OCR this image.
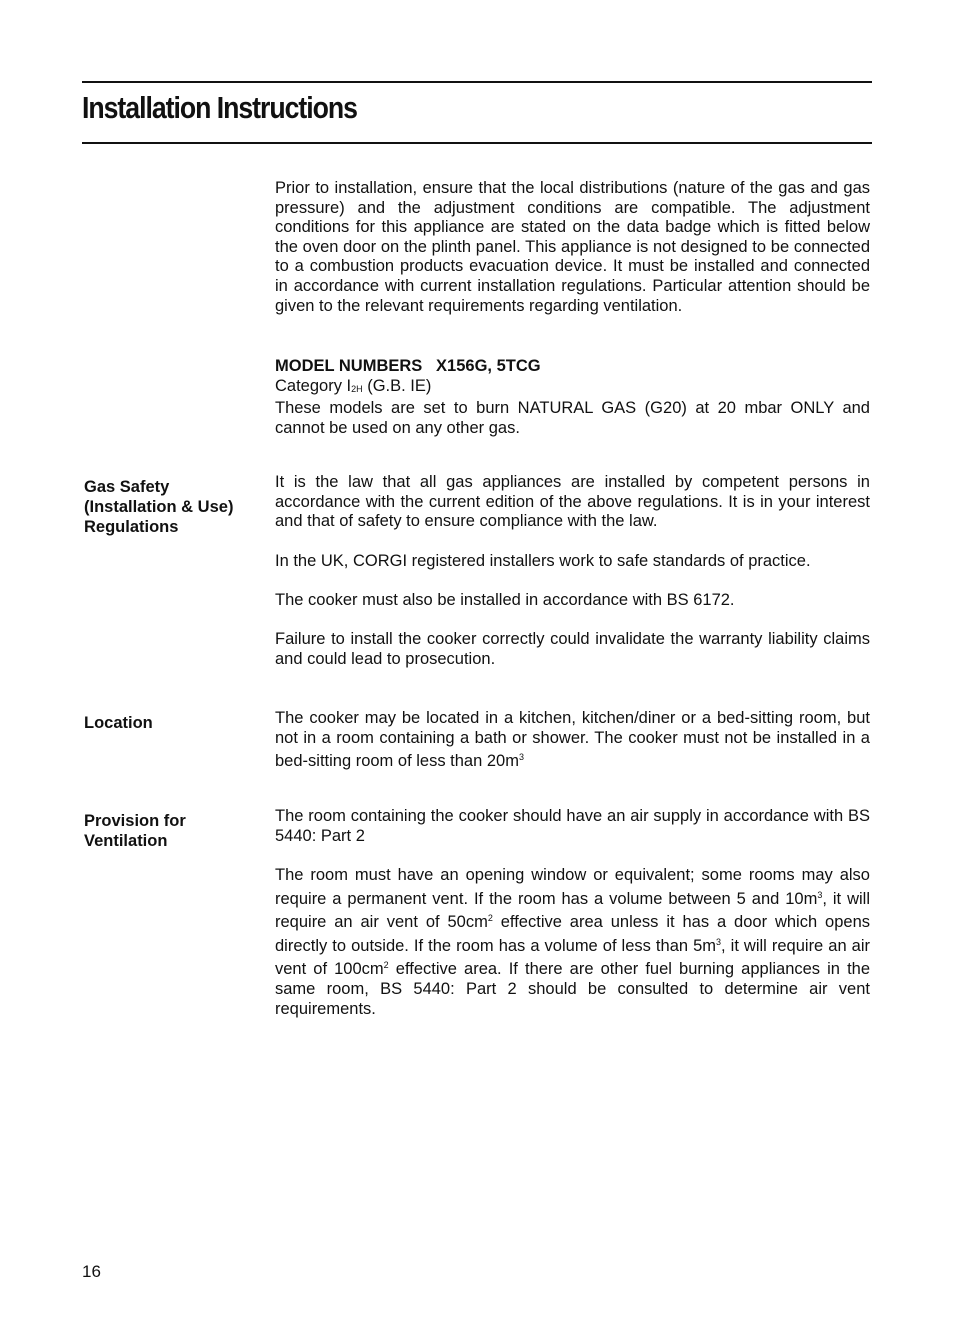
Installation Instructions
Prior to installation, ensure that the local distributions (nature of the gas and gas pressure) and the adjustment conditions are compatible. The adjustment conditions for this appliance are stated on the data badge which is fitted below the oven door on the plinth panel. This appliance is not designed to be connected to a combustion products evacuation device. It must be installed and connected in accordance with current installation regulations. Particular attention should be given to the relevant requirements regarding ventilation.
MODEL NUMBERS   X156G, 5TCG
Category $I_{2H}$ (G.B. IE)
These models are set to burn NATURAL GAS (G20) at 20 mbar ONLY and cannot be used on any other gas.
Gas Safety
(Installation & Use)
Regulations
It is the law that all gas appliances are installed by competent persons in accordance with the current edition of the above regulations. It is in your interest and that of safety to ensure compliance with the law.
In the UK, CORGI registered installers work to safe standards of practice.
The cooker must also be installed in accordance with BS 6172.
Failure to install the cooker correctly could invalidate the warranty liability claims and could lead to prosecution.
Location	The cooker may be located in a kitchen, kitchen/diner or a bed-sitting room, but not in a room containing a bath or shower. The cooker must not be installed in a bed-sitting room of less than $20m^3$
Provision for
Ventilation
The room containing the cooker should have an air supply in accordance with BS 5440: Part 2
The room must have an opening window or equivalent; some rooms may also require a permanent vent. If the room has a volume between 5 and $10m^3$, it will require an air vent of $50cm^2$ effective area unless it has a door which opens directly to outside. If the room has a volume of less than $5m^3$, it will require an air vent of $100cm^2$ effective area. If there are other fuel burning appliances in the same room, BS 5440: Part 2 should be consulted to determine air vent requirements.
16
